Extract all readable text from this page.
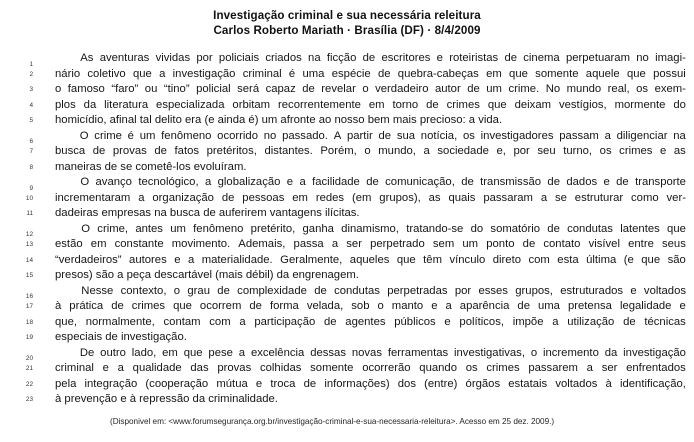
Investigação criminal e sua necessária releitura
Carlos Roberto Mariath · Brasília (DF) · 8/4/2009
1
As aventuras vividas por policiais criados na ficção de escritores e roteiristas de cinema perpetuaram no imagi-
2 nário coletivo que a investigação criminal é uma espécie de quebra-cabeças em que somente aquele que possui
3 o famoso “faro” ou “tino” policial será capaz de revelar o verdadeiro autor de um crime. No mundo real, os exem-
4 plos da literatura especializada orbitam recorrentemente em torno de crimes que deixam vestígios, mormente do
5 homicídio, afinal tal delito era (e ainda é) um afronte ao nosso bem mais precioso: a vida.
6
O crime é um fenômeno ocorrido no passado. A partir de sua notícia, os investigadores passam a diligenciar na
7 busca de provas de fatos pretéritos, distantes. Porém, o mundo, a sociedade e, por seu turno, os crimes e as
8 maneiras de se cometê-los evoluíram.
9
O avanço tecnológico, a globalização e a facilidade de comunicação, de transmissão de dados e de transporte
10 incrementaram a organização de pessoas em redes (em grupos), as quais passaram a se estruturar como ver-
11 dadeiras empresas na busca de auferirem vantagens ilícitas.
12
O crime, antes um fenômeno pretérito, ganha dinamismo, tratando-se do somatório de condutas latentes que
13 estão em constante movimento. Ademais, passa a ser perpetrado sem um ponto de contato visível entre seus
14 “verdadeiros” autores e a materialidade. Geralmente, aqueles que têm vínculo direto com esta última (e que são
15 presos) são a peça descartável (mais débil) da engrenagem.
16
Nesse contexto, o grau de complexidade de condutas perpetradas por esses grupos, estruturados e voltados
17 à prática de crimes que ocorrem de forma velada, sob o manto e a aparência de uma pretensa legalidade e
18 que, normalmente, contam com a participação de agentes públicos e políticos, impõe a utilização de técnicas
19 especiais de investigação.
20
De outro lado, em que pese a excelência dessas novas ferramentas investigativas, o incremento da investigação
21 criminal e a qualidade das provas colhidas somente ocorrerão quando os crimes passarem a ser enfrentados
22 pela integração (cooperação mútua e troca de informações) dos (entre) órgãos estatais voltados à identificação,
23 à prevenção e à repressão da criminalidade.
(Disponivel em: <www.forumsegurança.org.br/investigação-criminal-e-sua-necessaria-releitura>. Acesso em 25 dez. 2009.)
